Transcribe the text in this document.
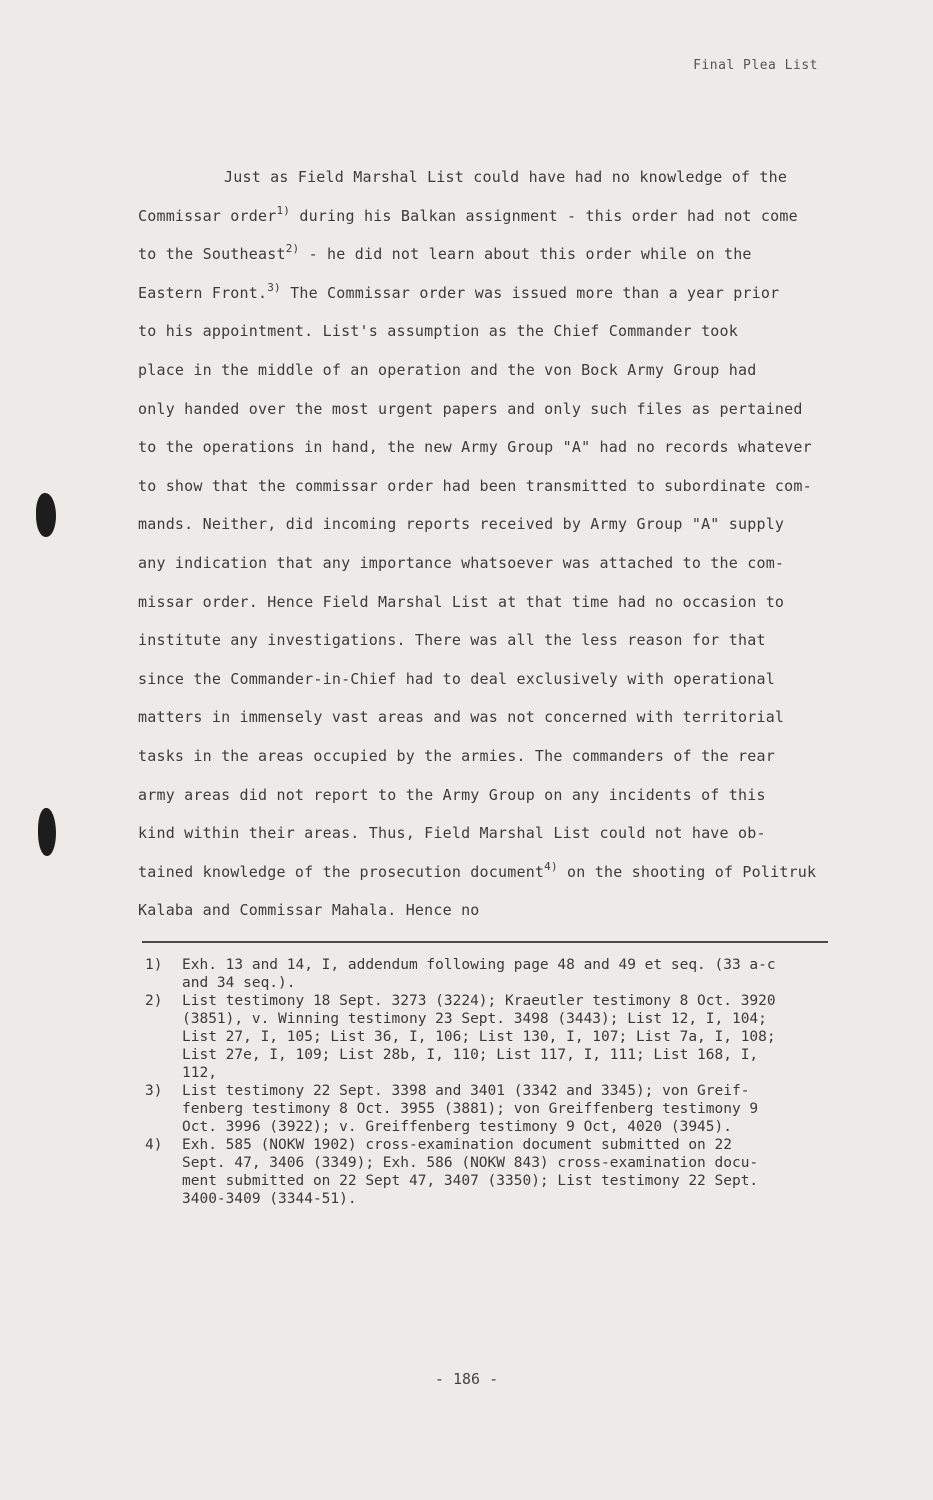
Final Plea List
Just as Field Marshal List could have had no knowledge of the
Commissar order$^{1)}$ during his Balkan assignment - this order had not come
to the Southeast$^{2)}$ - he did not learn about this order while on the
Eastern Front.$^{3)}$ The Commissar order was issued more than a year prior
to his appointment. List's assumption as the Chief Commander took
place in the middle of an operation and the von Bock Army Group had
only handed over the most urgent papers and only such files as pertained
to the operations in hand, the new Army Group "A" had no records whatever
to show that the commissar order had been transmitted to subordinate com-
mands. Neither, did incoming reports received by Army Group "A" supply
any indication that any importance whatsoever was attached to the com-
missar order. Hence Field Marshal List at that time had no occasion to
institute any investigations. There was all the less reason for that
since the Commander-in-Chief had to deal exclusively with operational
matters in immensely vast areas and was not concerned with territorial
tasks in the areas occupied by the armies. The commanders of the rear
army areas did not report to the Army Group on any incidents of this
kind within their areas. Thus, Field Marshal List could not have ob-
tained knowledge of the prosecution document$^{4)}$ on the shooting of Politruk
Kalaba and Commissar Mahala. Hence no
1)	Exh. 13 and 14, I, addendum following page 48 and 49 et seq. (33 a-c
and 34 seq.).
2)	List testimony 18 Sept. 3273 (3224); Kraeutler testimony 8 Oct. 3920
(3851), v. Winning testimony 23 Sept. 3498 (3443); List 12, I, 104;
List 27, I, 105; List 36, I, 106; List 130, I, 107; List 7a, I, 108;
List 27e, I, 109; List 28b, I, 110; List 117, I, 111; List 168, I,
112,
3)	List testimony 22 Sept. 3398 and 3401 (3342 and 3345); von Greif-
fenberg testimony 8 Oct. 3955 (3881); von Greiffenberg testimony 9
Oct. 3996 (3922); v. Greiffenberg testimony 9 Oct, 4020 (3945).
4)	Exh. 585 (NOKW 1902) cross-examination document submitted on 22
Sept. 47, 3406 (3349); Exh. 586 (NOKW 843) cross-examination docu-
ment submitted on 22 Sept 47, 3407 (3350); List testimony 22 Sept.
3400-3409 (3344-51).
- 186 -
